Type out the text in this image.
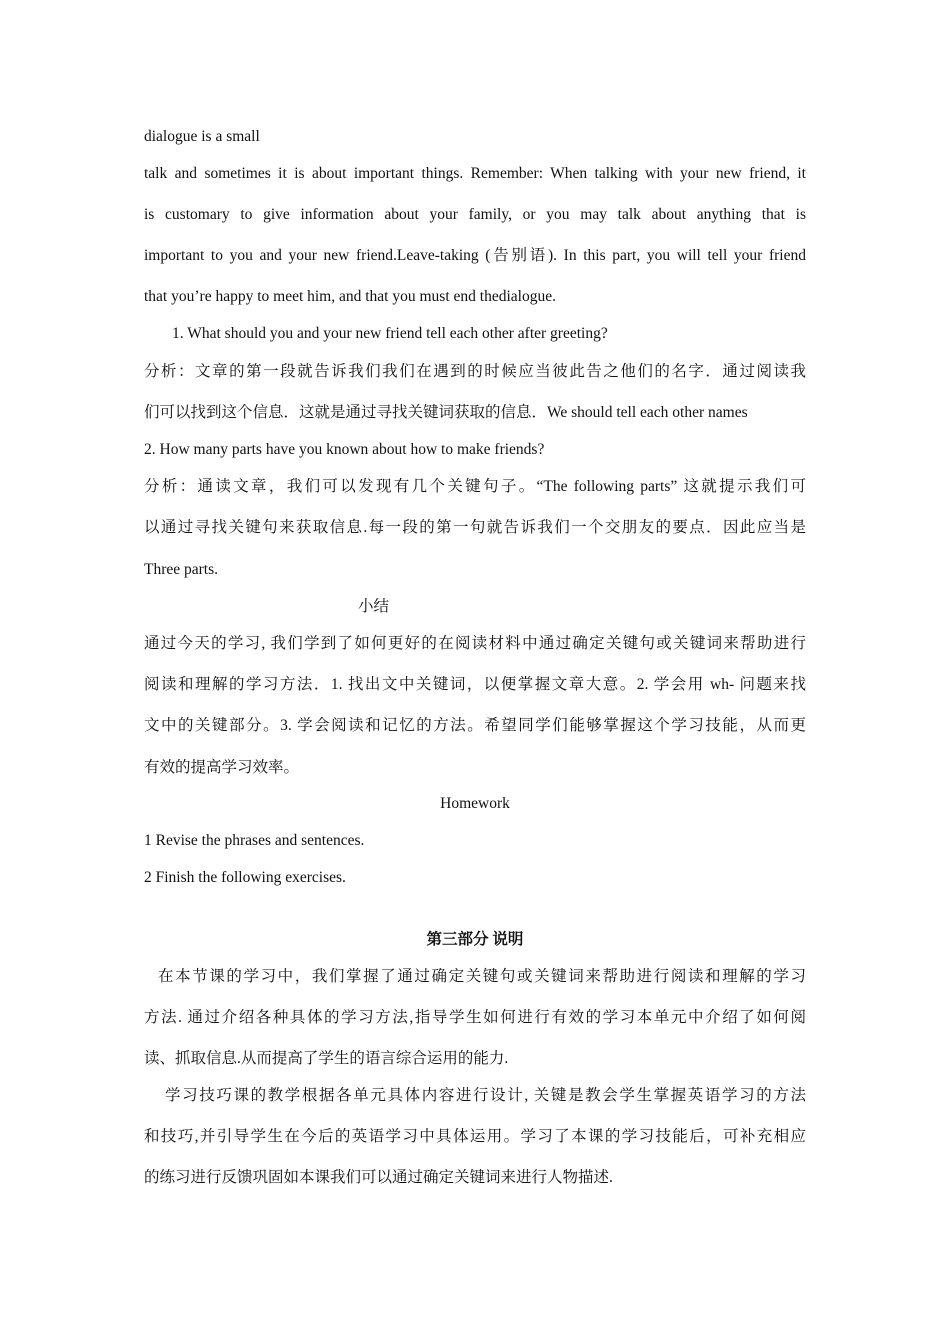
dialogue is a small
talk and sometimes it is about important things. Remember: When talking with your new friend, it
is customary to give information about your family, or you may talk about anything that is
important to you and your new friend.Leave-taking (告别语). In this part, you will tell your friend
that you’re happy to meet him, and that you must end thedialogue.
1. What should you and your new friend tell each other after greeting?
分析：文章的第一段就告诉我们我们在遇到的时候应当彼此告之他们的名字．通过阅读我
们可以找到这个信息．这就是通过寻找关键词获取的信息．We should tell each other names
2. How many parts have you known about how to make friends?
分析：通读文章，我们可以发现有几个关键句子。“The following parts” 这就提示我们可
以通过寻找关键句来获取信息.每一段的第一句就告诉我们一个交朋友的要点．因此应当是
Three parts.
小结
通过今天的学习, 我们学到了如何更好的在阅读材料中通过确定关键句或关键词来帮助进行
阅读和理解的学习方法．1. 找出文中关键词，以便掌握文章大意。2. 学会用 wh- 问题来找
文中的关键部分。3. 学会阅读和记忆的方法。希望同学们能够掌握这个学习技能，从而更
有效的提高学习效率。
Homework
1 Revise the phrases and sentences.
2 Finish the following exercises.
第三部分 说明
在本节课的学习中，我们掌握了通过确定关键句或关键词来帮助进行阅读和理解的学习
方法. 通过介绍各种具体的学习方法,指导学生如何进行有效的学习本单元中介绍了如何阅
读、抓取信息.从而提高了学生的语言综合运用的能力.
学习技巧课的教学根据各单元具体内容进行设计, 关键是教会学生掌握英语学习的方法
和技巧,并引导学生在今后的英语学习中具体运用。学习了本课的学习技能后，可补充相应
的练习进行反馈巩固如本课我们可以通过确定关键词来进行人物描述.
